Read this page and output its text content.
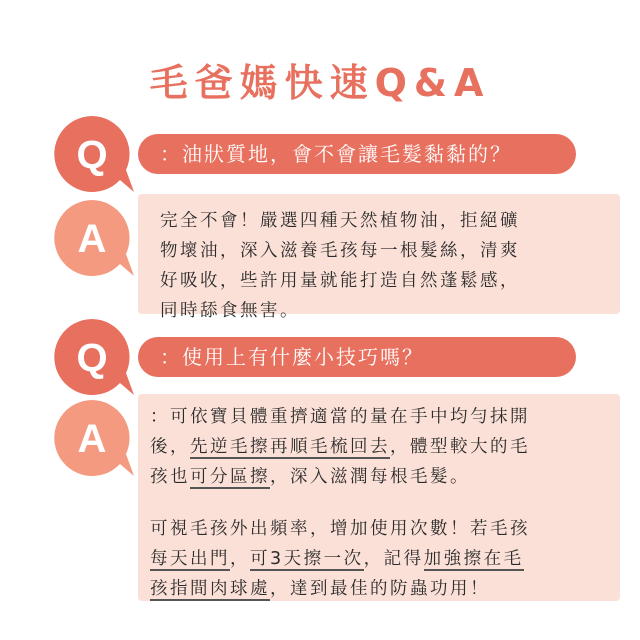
毛爸媽快速Q&A
：油狀質地，會不會讓毛髮黏黏的？
Q

完全不會！嚴選四種天然植物油，拒絕礦

物壞油，深入滋養毛孩每一根髮絲，清爽

好吸收，些許用量就能打造自然蓬鬆感，

同時舔食無害。

A
：使用上有什麼小技巧嗎？
Q

：可依寶貝體重擠適當的量在手中均勻抹開

後，先逆毛擦再順毛梳回去，體型較大的毛

孩也可分區擦，深入滋潤每根毛髮。

可視毛孩外出頻率，增加使用次數！若毛孩

每天出門，可3天擦一次，記得加強擦在毛

孩指間肉球處，達到最佳的防蟲功用！

A
